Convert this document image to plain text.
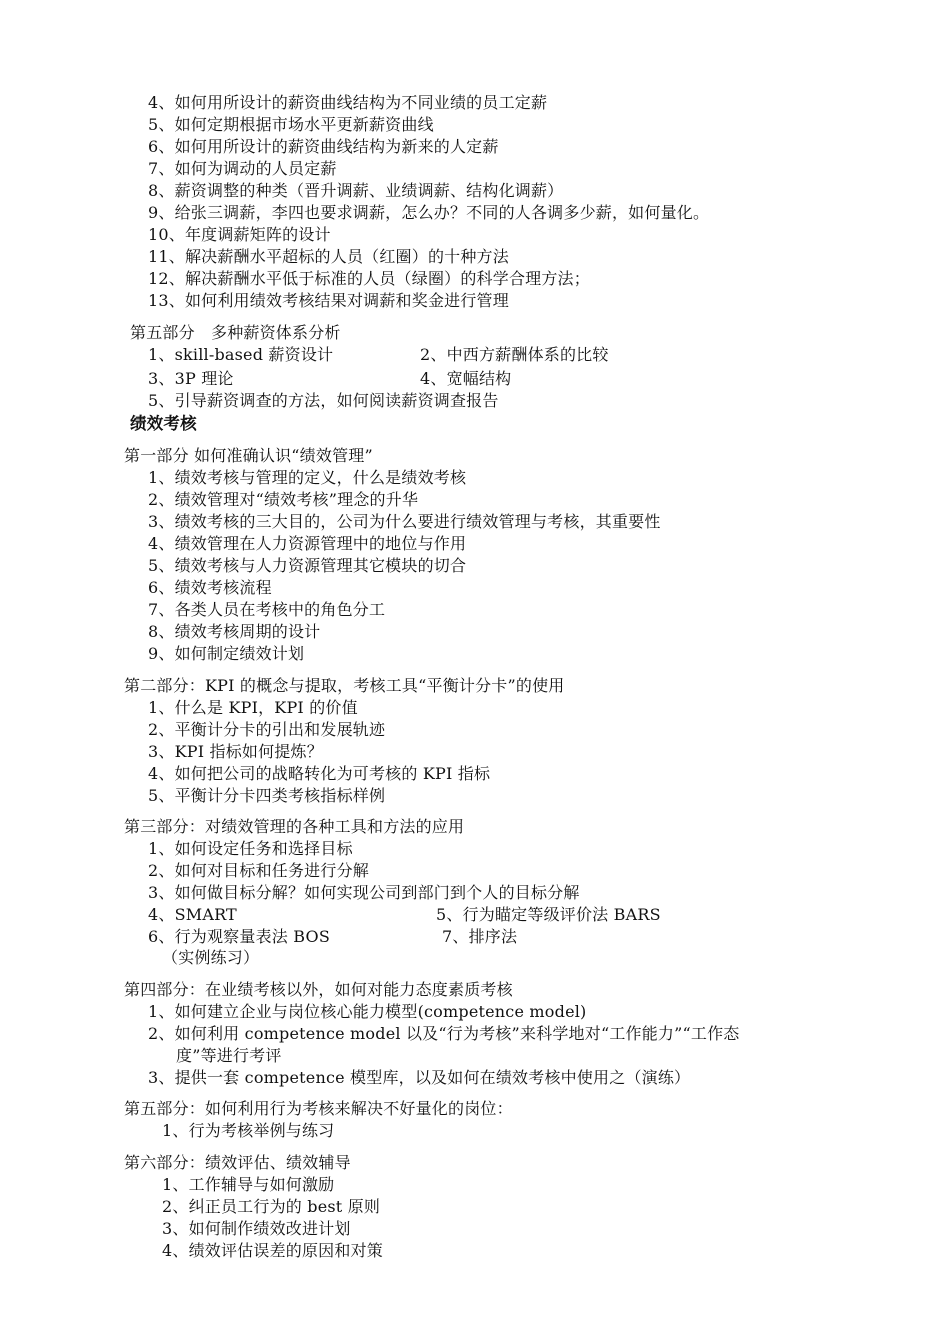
4、如何用所设计的薪资曲线结构为不同业绩的员工定薪
5、如何定期根据市场水平更新薪资曲线
6、如何用所设计的薪资曲线结构为新来的人定薪
7、如何为调动的人员定薪
8、薪资调整的种类（晋升调薪、业绩调薪、结构化调薪）
9、给张三调薪，李四也要求调薪，怎么办？不同的人各调多少薪，如何量化。
10、年度调薪矩阵的设计
11、解决薪酬水平超标的人员（红圈）的十种方法
12、解决薪酬水平低于标准的人员（绿圈）的科学合理方法；
13、如何利用绩效考核结果对调薪和奖金进行管理
第五部分　多种薪资体系分析
1、skill-based 薪资设计	2、中西方薪酬体系的比较
3、3P 理论	4、宽幅结构
5、引导薪资调查的方法，如何阅读薪资调查报告
绩效考核
第一部分 如何准确认识“绩效管理”
1、绩效考核与管理的定义，什么是绩效考核
2、绩效管理对“绩效考核”理念的升华
3、绩效考核的三大目的，公司为什么要进行绩效管理与考核，其重要性
4、绩效管理在人力资源管理中的地位与作用
5、绩效考核与人力资源管理其它模块的切合
6、绩效考核流程
7、各类人员在考核中的角色分工
8、绩效考核周期的设计
9、如何制定绩效计划
第二部分：KPI 的概念与提取，考核工具“平衡计分卡”的使用
1、什么是 KPI，KPI 的价值
2、平衡计分卡的引出和发展轨迹
3、KPI 指标如何提炼？
4、如何把公司的战略转化为可考核的 KPI 指标
5、平衡计分卡四类考核指标样例
第三部分：对绩效管理的各种工具和方法的应用
1、如何设定任务和选择目标
2、如何对目标和任务进行分解
3、如何做目标分解？如何实现公司到部门到个人的目标分解
4、SMART	5、行为瞄定等级评价法 BARS
6、行为观察量表法 BOS	7、排序法
（实例练习）
第四部分：在业绩考核以外，如何对能力态度素质考核
1、如何建立企业与岗位核心能力模型(competence model)
2、如何利用 competence model 以及“行为考核”来科学地对“工作能力”“工作态
度”等进行考评
3、提供一套 competence 模型库，以及如何在绩效考核中使用之（演练）
第五部分：如何利用行为考核来解决不好量化的岗位：
1、行为考核举例与练习
第六部分：绩效评估、绩效辅导
1、工作辅导与如何激励
2、纠正员工行为的 best 原则
3、如何制作绩效改进计划
4、绩效评估误差的原因和对策
